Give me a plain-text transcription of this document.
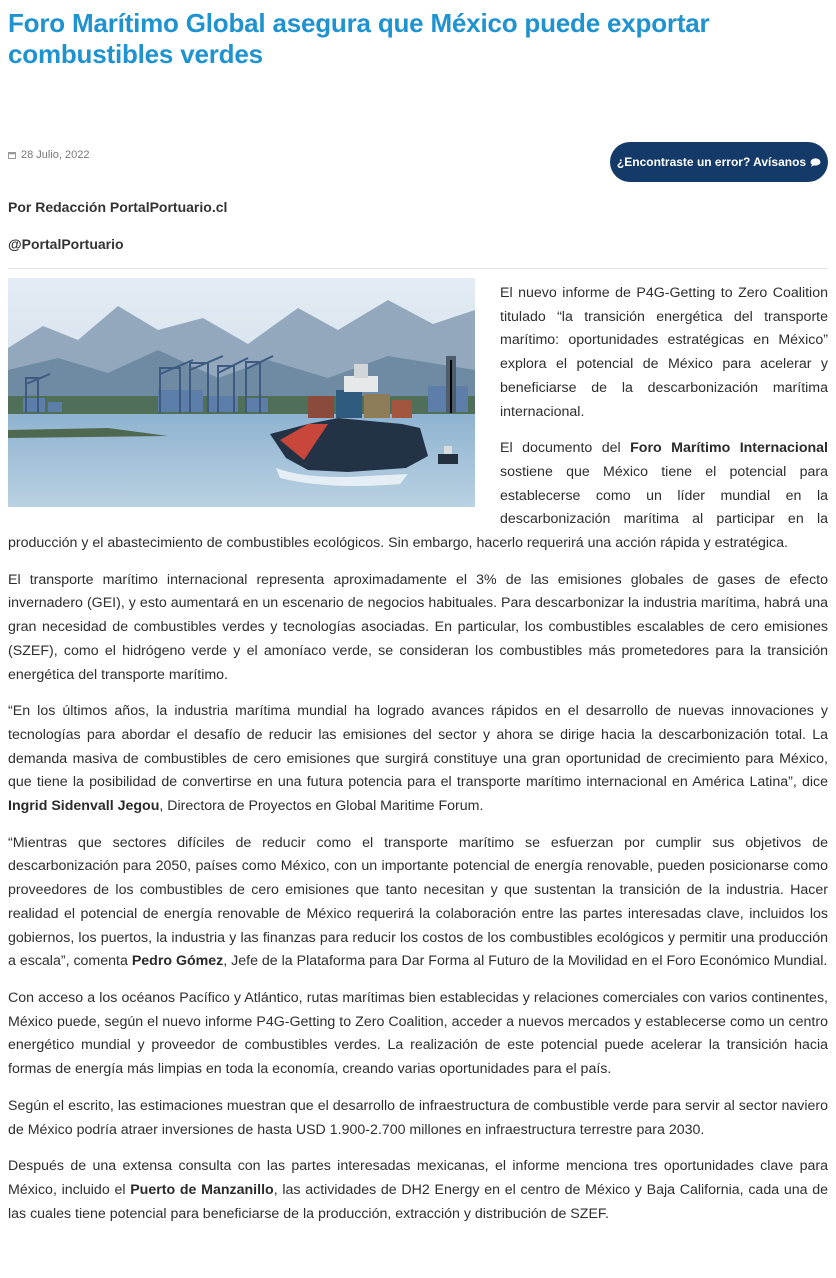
Foro Marítimo Global asegura que México puede exportar combustibles verdes
28 Julio, 2022	¿Encontraste un error? Avísanos

Por Redacción PortalPortuario.cl

@PortalPortuario

El nuevo informe de P4G-Getting to Zero Coalition titulado “la transición energética del transporte marítimo: oportunidades estratégicas en México” explora el potencial de México para acelerar y beneficiarse de la descarbonización marítima internacional.

El documento del Foro Marítimo Internacional sostiene que México tiene el potencial para establecerse como un líder mundial en la descarbonización marítima al participar en la producción y el abastecimiento de combustibles ecológicos. Sin embargo, hacerlo requerirá una acción rápida y estratégica.

El transporte marítimo internacional representa aproximadamente el 3% de las emisiones globales de gases de efecto invernadero (GEI), y esto aumentará en un escenario de negocios habituales. Para descarbonizar la industria marítima, habrá una gran necesidad de combustibles verdes y tecnologías asociadas. En particular, los combustibles escalables de cero emisiones (SZEF), como el hidrógeno verde y el amoníaco verde, se consideran los combustibles más prometedores para la transición energética del transporte marítimo.

“En los últimos años, la industria marítima mundial ha logrado avances rápidos en el desarrollo de nuevas innovaciones y tecnologías para abordar el desafío de reducir las emisiones del sector y ahora se dirige hacia la descarbonización total. La demanda masiva de combustibles de cero emisiones que surgirá constituye una gran oportunidad de crecimiento para México, que tiene la posibilidad de convertirse en una futura potencia para el transporte marítimo internacional en América Latina”, dice Ingrid Sidenvall Jegou, Directora de Proyectos en Global Maritime Forum.

“Mientras que sectores difíciles de reducir como el transporte marítimo se esfuerzan por cumplir sus objetivos de descarbonización para 2050, países como México, con un importante potencial de energía renovable, pueden posicionarse como proveedores de los combustibles de cero emisiones que tanto necesitan y que sustentan la transición de la industria. Hacer realidad el potencial de energía renovable de México requerirá la colaboración entre las partes interesadas clave, incluidos los gobiernos, los puertos, la industria y las finanzas para reducir los costos de los combustibles ecológicos y permitir una producción a escala”, comenta Pedro Gómez, Jefe de la Plataforma para Dar Forma al Futuro de la Movilidad en el Foro Económico Mundial.

Con acceso a los océanos Pacífico y Atlántico, rutas marítimas bien establecidas y relaciones comerciales con varios continentes, México puede, según el nuevo informe P4G-Getting to Zero Coalition, acceder a nuevos mercados y establecerse como un centro energético mundial y proveedor de combustibles verdes. La realización de este potencial puede acelerar la transición hacia formas de energía más limpias en toda la economía, creando varias oportunidades para el país.

Según el escrito, las estimaciones muestran que el desarrollo de infraestructura de combustible verde para servir al sector naviero de México podría atraer inversiones de hasta USD 1.900-2.700 millones en infraestructura terrestre para 2030.

Después de una extensa consulta con las partes interesadas mexicanas, el informe menciona tres oportunidades clave para México, incluido el Puerto de Manzanillo, las actividades de DH2 Energy en el centro de México y Baja California, cada una de las cuales tiene potencial para beneficiarse de la producción, extracción y distribución de SZEF.
